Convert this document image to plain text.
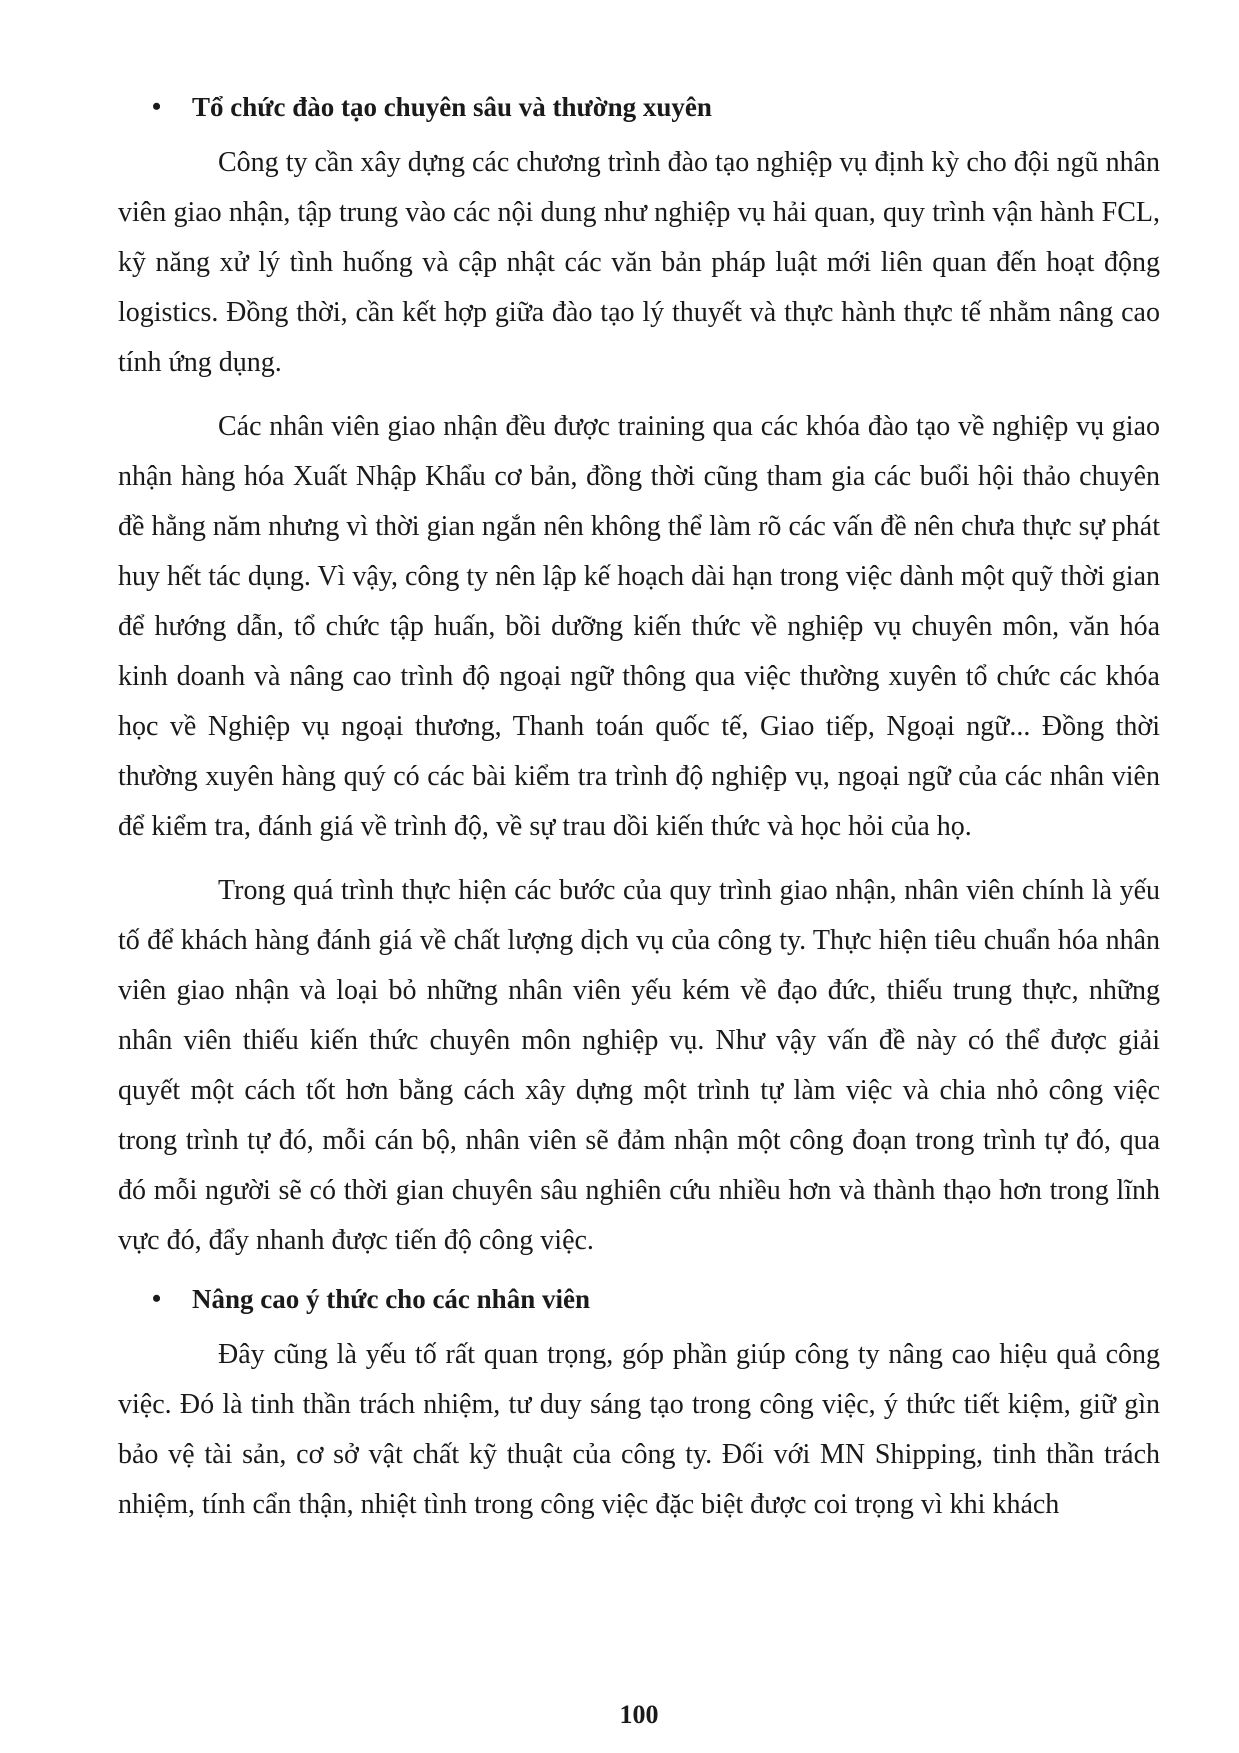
• Tổ chức đào tạo chuyên sâu và thường xuyên

Công ty cần xây dựng các chương trình đào tạo nghiệp vụ định kỳ cho đội ngũ nhân viên giao nhận, tập trung vào các nội dung như nghiệp vụ hải quan, quy trình vận hành FCL, kỹ năng xử lý tình huống và cập nhật các văn bản pháp luật mới liên quan đến hoạt động logistics. Đồng thời, cần kết hợp giữa đào tạo lý thuyết và thực hành thực tế nhằm nâng cao tính ứng dụng.

Các nhân viên giao nhận đều được training qua các khóa đào tạo về nghiệp vụ giao nhận hàng hóa Xuất Nhập Khẩu cơ bản, đồng thời cũng tham gia các buổi hội thảo chuyên đề hằng năm nhưng vì thời gian ngắn nên không thể làm rõ các vấn đề nên chưa thực sự phát huy hết tác dụng. Vì vậy, công ty nên lập kế hoạch dài hạn trong việc dành một quỹ thời gian để hướng dẫn, tổ chức tập huấn, bồi dưỡng kiến thức về nghiệp vụ chuyên môn, văn hóa kinh doanh và nâng cao trình độ ngoại ngữ thông qua việc thường xuyên tổ chức các khóa học về Nghiệp vụ ngoại thương, Thanh toán quốc tế, Giao tiếp, Ngoại ngữ... Đồng thời thường xuyên hàng quý có các bài kiểm tra trình độ nghiệp vụ, ngoại ngữ của các nhân viên để kiểm tra, đánh giá về trình độ, về sự trau dồi kiến thức và học hỏi của họ.

Trong quá trình thực hiện các bước của quy trình giao nhận, nhân viên chính là yếu tố để khách hàng đánh giá về chất lượng dịch vụ của công ty. Thực hiện tiêu chuẩn hóa nhân viên giao nhận và loại bỏ những nhân viên yếu kém về đạo đức, thiếu trung thực, những nhân viên thiếu kiến thức chuyên môn nghiệp vụ. Như vậy vấn đề này có thể được giải quyết một cách tốt hơn bằng cách xây dựng một trình tự làm việc và chia nhỏ công việc trong trình tự đó, mỗi cán bộ, nhân viên sẽ đảm nhận một công đoạn trong trình tự đó, qua đó mỗi người sẽ có thời gian chuyên sâu nghiên cứu nhiều hơn và thành thạo hơn trong lĩnh vực đó, đẩy nhanh được tiến độ công việc.

• Nâng cao ý thức cho các nhân viên

Đây cũng là yếu tố rất quan trọng, góp phần giúp công ty nâng cao hiệu quả công việc. Đó là tinh thần trách nhiệm, tư duy sáng tạo trong công việc, ý thức tiết kiệm, giữ gìn bảo vệ tài sản, cơ sở vật chất kỹ thuật của công ty. Đối với MN Shipping, tinh thần trách nhiệm, tính cẩn thận, nhiệt tình trong công việc đặc biệt được coi trọng vì khi khách

100
